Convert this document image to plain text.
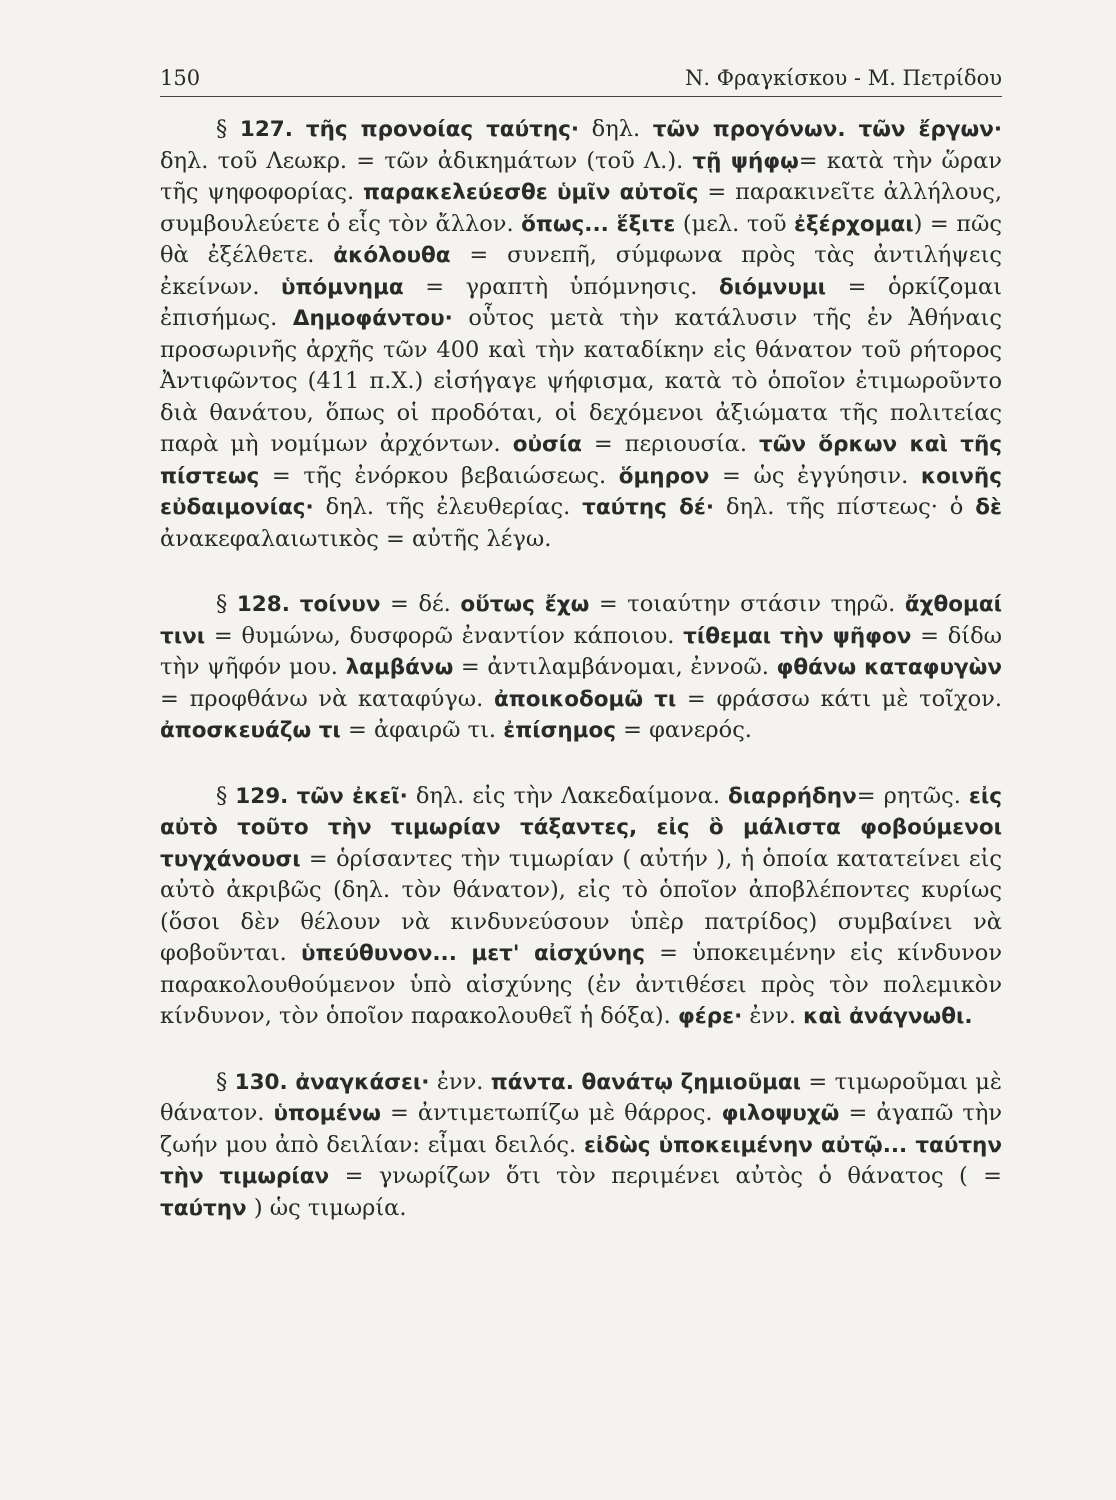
150	Ν. Φραγκίσκου - Μ. Πετρίδου

§ 127. τῆς προνοίας ταύτης· δηλ. τῶν προγόνων. τῶν ἔργων· δηλ. τοῦ Λεωκρ. = τῶν ἀδικημάτων (τοῦ Λ.). τῇ ψήφῳ= κατὰ τὴν ὥραν τῆς ψηφοφορίας. παρακελεύεσθε ὑμῖν αὐτοῖς = παρακινεῖτε ἀλλήλους, συμβουλεύετε ὁ εἷς τὸν ἄλλον. ὅπως... ἕξιτε (μελ. τοῦ ἐξέρχομαι) = πῶς θὰ ἐξέλθετε. ἀκόλουθα = συνεπῆ, σύμφωνα πρὸς τὰς ἀντιλήψεις ἐκείνων. ὑπόμνημα = γραπτὴ ὑπόμνησις. διόμνυμι = ὁρκίζομαι ἐπισήμως. Δημοφάντου· οὗτος μετὰ τὴν κατάλυσιν τῆς ἐν Ἀθήναις προσωρινῆς ἀρχῆς τῶν 400 καὶ τὴν καταδίκην εἰς θάνατον τοῦ ρήτορος Ἀντιφῶντος (411 π.Χ.) εἰσήγαγε ψήφισμα, κατὰ τὸ ὁποῖον ἐτιμωροῦντο διὰ θανάτου, ὅπως οἱ προδόται, οἱ δεχόμενοι ἀξιώματα τῆς πολιτείας παρὰ μὴ νομίμων ἀρχόντων. οὐσία = περιουσία. τῶν ὅρκων καὶ τῆς πίστεως = τῆς ἐνόρκου βεβαιώσεως. ὅμηρον = ὡς ἐγγύησιν. κοινῆς εὐδαιμονίας· δηλ. τῆς ἐλευθερίας. ταύτης δέ· δηλ. τῆς πίστεως· ὁ δὲ ἀνακεφαλαιωτικὸς = αὐτῆς λέγω.

§ 128. τοίνυν = δέ. οὕτως ἔχω = τοιαύτην στάσιν τηρῶ. ἄχθομαί τινι = θυμώνω, δυσφορῶ ἐναντίον κάποιου. τίθεμαι τὴν ψῆφον = δίδω τὴν ψῆφόν μου. λαμβάνω = ἀντιλαμβάνομαι, ἐννοῶ. φθάνω καταφυγὼν = προφθάνω νὰ καταφύγω. ἀποικοδομῶ τι = φράσσω κάτι μὲ τοῖχον. ἀποσκευάζω τι = ἀφαιρῶ τι. ἐπίσημος = φανερός.

§ 129. τῶν ἐκεῖ· δηλ. εἰς τὴν Λακεδαίμονα. διαρρήδην= ρητῶς. εἰς αὐτὸ τοῦτο τὴν τιμωρίαν τάξαντες, εἰς ὃ μάλιστα φοβούμενοι τυγχάνουσι = ὁρίσαντες τὴν τιμωρίαν ( αὐτήν ), ἡ ὁποία κατατείνει εἰς αὐτὸ ἀκριβῶς (δηλ. τὸν θάνατον), εἰς τὸ ὁποῖον ἀποβλέποντες κυρίως (ὅσοι δὲν θέλουν νὰ κινδυνεύσουν ὑπὲρ πατρίδος) συμβαίνει νὰ φοβοῦνται. ὑπεύθυνον... μετ' αἰσχύνης = ὑποκειμένην εἰς κίνδυνον παρακολουθούμενον ὑπὸ αἰσχύνης (ἐν ἀντιθέσει πρὸς τὸν πολεμικὸν κίνδυνον, τὸν ὁποῖον παρακολουθεῖ ἡ δόξα). φέρε· ἐνν. καὶ ἀνάγνωθι.

§ 130. ἀναγκάσει· ἐνν. πάντα. θανάτῳ ζημιοῦμαι = τιμωροῦμαι μὲ θάνατον. ὑπομένω = ἀντιμετωπίζω μὲ θάρρος. φιλοψυχῶ = ἀγαπῶ τὴν ζωήν μου ἀπὸ δειλίαν: εἶμαι δειλός. εἰδὼς ὑποκειμένην αὐτῷ... ταύτην τὴν τιμωρίαν = γνωρίζων ὅτι τὸν περιμένει αὐτὸς ὁ θάνατος ( = ταύτην ) ὡς τιμωρία.
